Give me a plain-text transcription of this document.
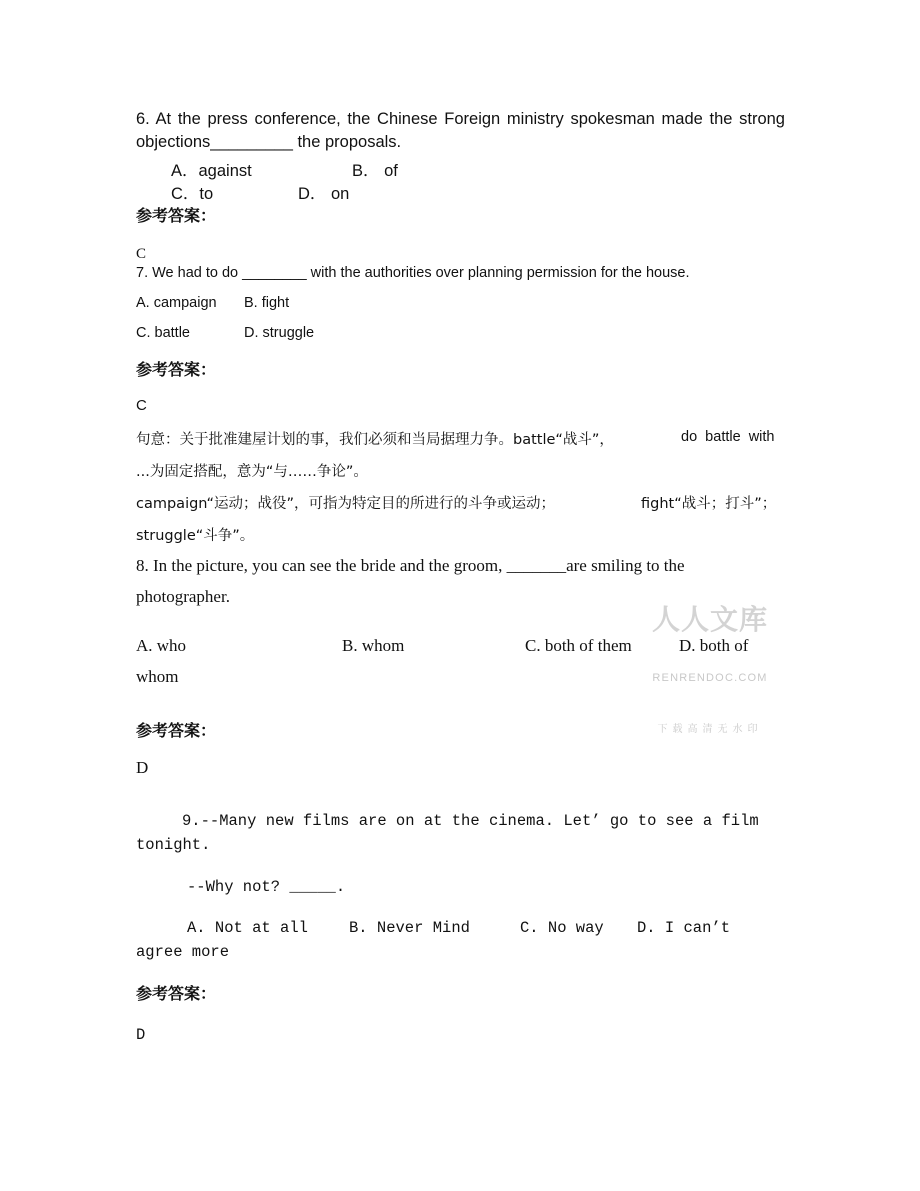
6. At the press conference, the Chinese Foreign ministry spokesman made the strong
objections_________ the proposals.
A．against	B． of
C．to	D． on
参考答案：
C
7. We had to do ________ with the authorities over planning permission for the house.
A. campaign B. fight
C. battle	D. struggle
参考答案：
C
句意：关于批准建屋计划的事，我们必须和当局据理力争。battle“战斗”，	do  battle  with
...为固定搭配，意为“与……争论”。
campaign“运动；战役”，可指为特定目的所进行的斗争或运动；	fight“战斗；打斗”；
struggle“斗争”。

人人文库

RENRENDOC.COM

下载高清无水印

8. In the picture, you can see the bride and the groom, _______are smiling to the
photographer.
A. who	B. whom	C. both of them	D. both of
whom
参考答案：
D
9.--Many new films are on at the cinema. Let’ go to see a film
tonight.
--Why not? _____.
A. Not at all	B. Never Mind	C. No way D. I can’t
agree more
参考答案：
D
